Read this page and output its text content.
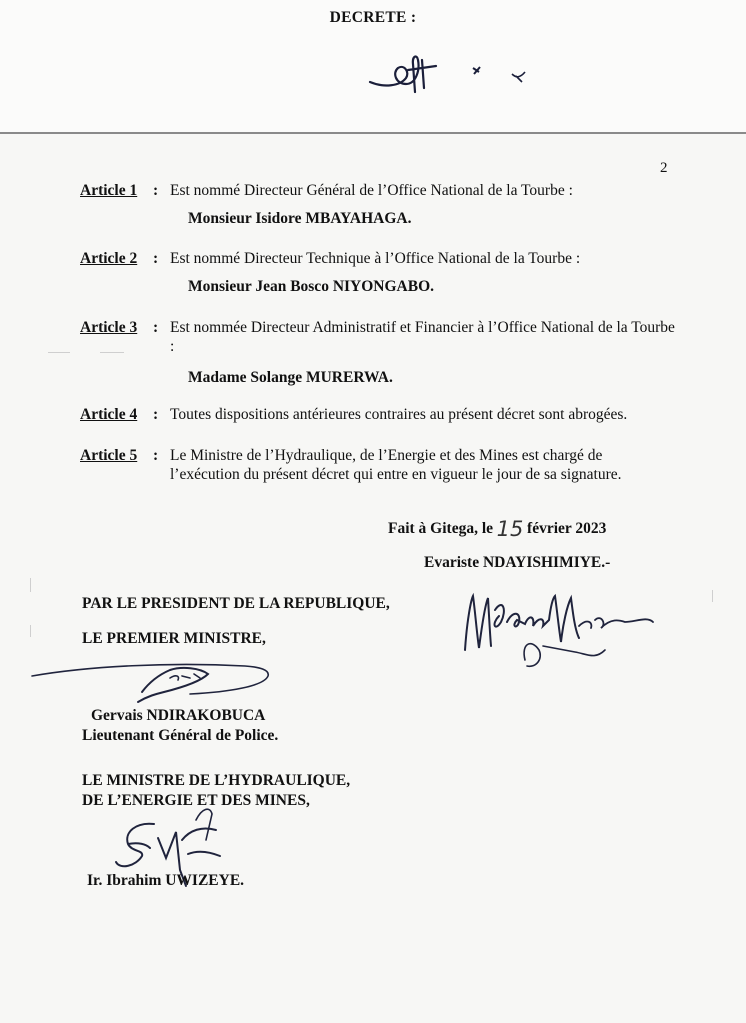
DECRETE :
2
Article 1 : Est nommé Directeur Général de l’Office National de la Tourbe :
Monsieur Isidore MBAYAHAGA.
Article 2 : Est nommé Directeur Technique à l’Office National de la Tourbe :
Monsieur Jean Bosco NIYONGABO.
Article 3 : Est nommée Directeur Administratif et Financier à l’Office National de la Tourbe :
Madame Solange MURERWA.
Article 4 : Toutes dispositions antérieures contraires au présent décret sont abrogées.
Article 5 : Le Ministre de l’Hydraulique, de l’Energie et des Mines est chargé de l’exécution du présent décret qui entre en vigueur le jour de sa signature.
Fait à Gitega, le 15 février 2023
Evariste NDAYISHIMIYE.-
PAR LE PRESIDENT DE LA REPUBLIQUE,
LE PREMIER MINISTRE,
Gervais NDIRAKOBUCA
Lieutenant Général de Police.
LE MINISTRE DE L’HYDRAULIQUE,
DE L’ENERGIE ET DES MINES,
Ir. Ibrahim UWIZEYE.
